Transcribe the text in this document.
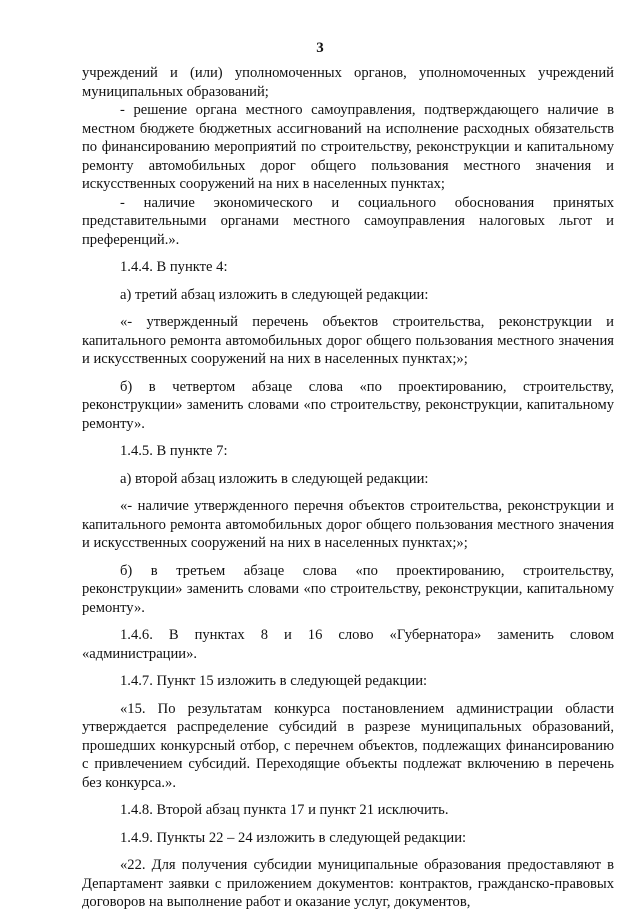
3

учреждений и (или) уполномоченных органов, уполномоченных учреждений муниципальных образований;

- решение органа местного самоуправления, подтверждающего наличие в местном бюджете бюджетных ассигнований на исполнение расходных обязательств по финансированию мероприятий по строительству, реконструкции и капитальному ремонту автомобильных дорог общего пользования местного значения и искусственных сооружений на них в населенных пунктах;

- наличие экономического и социального обоснования принятых представительными органами местного самоуправления налоговых льгот и преференций.».

1.4.4. В пункте 4:

а) третий абзац изложить в следующей редакции:

«- утвержденный перечень объектов строительства, реконструкции и капитального ремонта автомобильных дорог общего пользования местного значения и искусственных сооружений на них в населенных пунктах;»;

б) в четвертом абзаце слова «по проектированию, строительству, реконструкции» заменить словами «по строительству, реконструкции, капитальному ремонту».

1.4.5. В пункте 7:

а) второй абзац изложить в следующей редакции:

«- наличие утвержденного перечня объектов строительства, реконструкции и капитального ремонта автомобильных дорог общего пользования местного значения и искусственных сооружений на них в населенных пунктах;»;

б) в третьем абзаце слова «по проектированию, строительству, реконструкции» заменить словами «по строительству, реконструкции, капитальному ремонту».

1.4.6. В пунктах 8 и 16 слово «Губернатора» заменить словом «администрации».

1.4.7. Пункт 15 изложить в следующей редакции:

«15. По результатам конкурса постановлением администрации области утверждается распределение субсидий в разрезе муниципальных образований, прошедших конкурсный отбор, с перечнем объектов, подлежащих финансированию с привлечением субсидий. Переходящие объекты подлежат включению в перечень без конкурса.».

1.4.8. Второй абзац пункта 17 и пункт 21 исключить.

1.4.9. Пункты 22 – 24 изложить в следующей редакции:

«22. Для получения субсидии муниципальные образования предоставляют в Департамент заявки с приложением документов: контрактов, гражданско-правовых договоров на выполнение работ и оказание услуг, документов,
